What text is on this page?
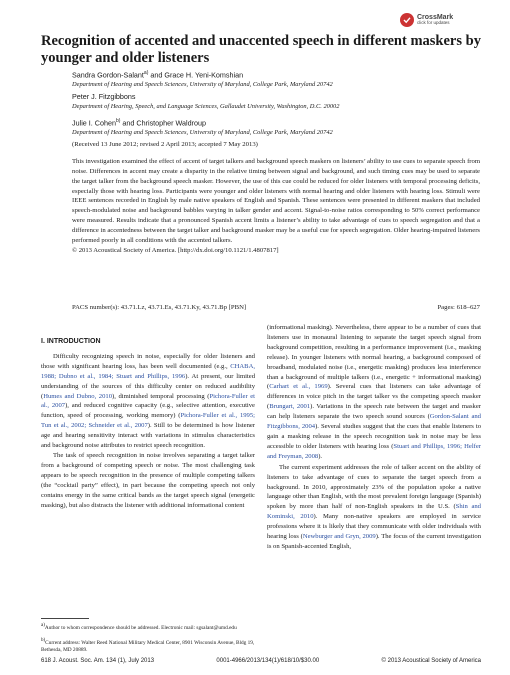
CrossMark
click for updates
Recognition of accented and unaccented speech in different maskers by younger and older listeners
Sandra Gordon-Salant$^{a)}$ and Grace H. Yeni-Komshian
Department of Hearing and Speech Sciences, University of Maryland, College Park, Maryland 20742
Peter J. Fitzgibbons
Department of Hearing, Speech, and Language Sciences, Gallaudet University, Washington, D.C. 20002
Julie I. Cohen$^{b)}$ and Christopher Waldroup
Department of Hearing and Speech Sciences, University of Maryland, College Park, Maryland 20742
(Received 13 June 2012; revised 2 April 2013; accepted 7 May 2013)
This investigation examined the effect of accent of target talkers and background speech maskers on listeners’ ability to use cues to separate speech from noise. Differences in accent may create a disparity in the relative timing between signal and background, and such timing cues may be used to separate the target talker from the background speech masker. However, the use of this cue could be reduced for older listeners with temporal processing deficits, especially those with hearing loss. Participants were younger and older listeners with normal hearing and older listeners with hearing loss. Stimuli were IEEE sentences recorded in English by male native speakers of English and Spanish. These sentences were presented in different maskers that included speech-modulated noise and background babbles varying in talker gender and accent. Signal-to-noise ratios corresponding to 50% correct performance were measured. Results indicate that a pronounced Spanish accent limits a listener’s ability to take advantage of cues to speech segregation and that a difference in accentedness between the target talker and background masker may be a useful cue for speech segregation. Older hearing-impaired listeners performed poorly in all conditions with the accented talkers.
© 2013 Acoustical Society of America. [http://dx.doi.org/10.1121/1.4807817]
PACS number(s): 43.71.Lz, 43.71.Es, 43.71.Ky, 43.71.Bp [PBN]	Pages: 618–627
I. INTRODUCTION

Difficulty recognizing speech in noise, especially for older listeners and those with significant hearing loss, has been well documented (e.g., CHABA, 1988; Dubno et al., 1984; Stuart and Phillips, 1996). At present, our limited understanding of the sources of this difficulty center on reduced audibility (Humes and Dubno, 2010), diminished temporal processing (Pichora-Fuller et al., 2007), and reduced cognitive capacity (e.g., selective attention, executive function, speed of processing, working memory) (Pichora-Fuller et al., 1995; Tun et al., 2002; Schneider et al., 2007). Still to be determined is how listener age and hearing sensitivity interact with variations in stimulus characteristics and background noise attributes to restrict speech recognition.

The task of speech recognition in noise involves separating a target talker from a background of competing speech or noise. The most challenging task appears to be speech recognition in the presence of multiple competing talkers (the “cocktail party” effect), in part because the competing speech not only contains energy in the same critical bands as the target speech signal (energetic masking), but also distracts the listener with additional informational content

(informational masking). Nevertheless, there appear to be a number of cues that listeners use in monaural listening to separate the target speech signal from background competition, resulting in a performance improvement (i.e., masking release). In younger listeners with normal hearing, a background composed of broadband, modulated noise (i.e., energetic masking) produces less interference than a background of multiple talkers (i.e., energetic + informational masking) (Carhart et al., 1969). Several cues that listeners can take advantage of differences in voice pitch in the target talker vs the competing speech masker (Brungart, 2001). Variations in the speech rate between the target and masker can help listeners separate the two speech sound sources (Gordon-Salant and Fitzgibbons, 2004). Several studies suggest that the cues that enable listeners to gain a masking release in the speech recognition task in noise may be less accessible to older listeners with hearing loss (Stuart and Phillips, 1996; Helfer and Freyman, 2008).

The current experiment addresses the role of talker accent on the ability of listeners to take advantage of cues to separate the target speech from a background. In 2010, approximately 23% of the population spoke a native language other than English, with the most prevalent foreign language (Spanish) spoken by more than half of non-English speakers in the U.S. (Shin and Kominski, 2010). Many non-native speakers are employed in service professions where it is likely that they communicate with older individuals with hearing loss (Newburger and Gryn, 2009). The focus of the current investigation is on Spanish-accented English,

$^{a)}$Author to whom correspondence should be addressed. Electronic mail: sgsalant@umd.edu
$^{b)}$Current address: Walter Reed National Military Medical Center, 8901 Wisconsin Avenue, Bldg 19, Bethesda, MD 20889.
618 J. Acoust. Soc. Am. 134 (1), July 2013	0001-4966/2013/134(1)/618/10/$30.00	© 2013 Acoustical Society of America
